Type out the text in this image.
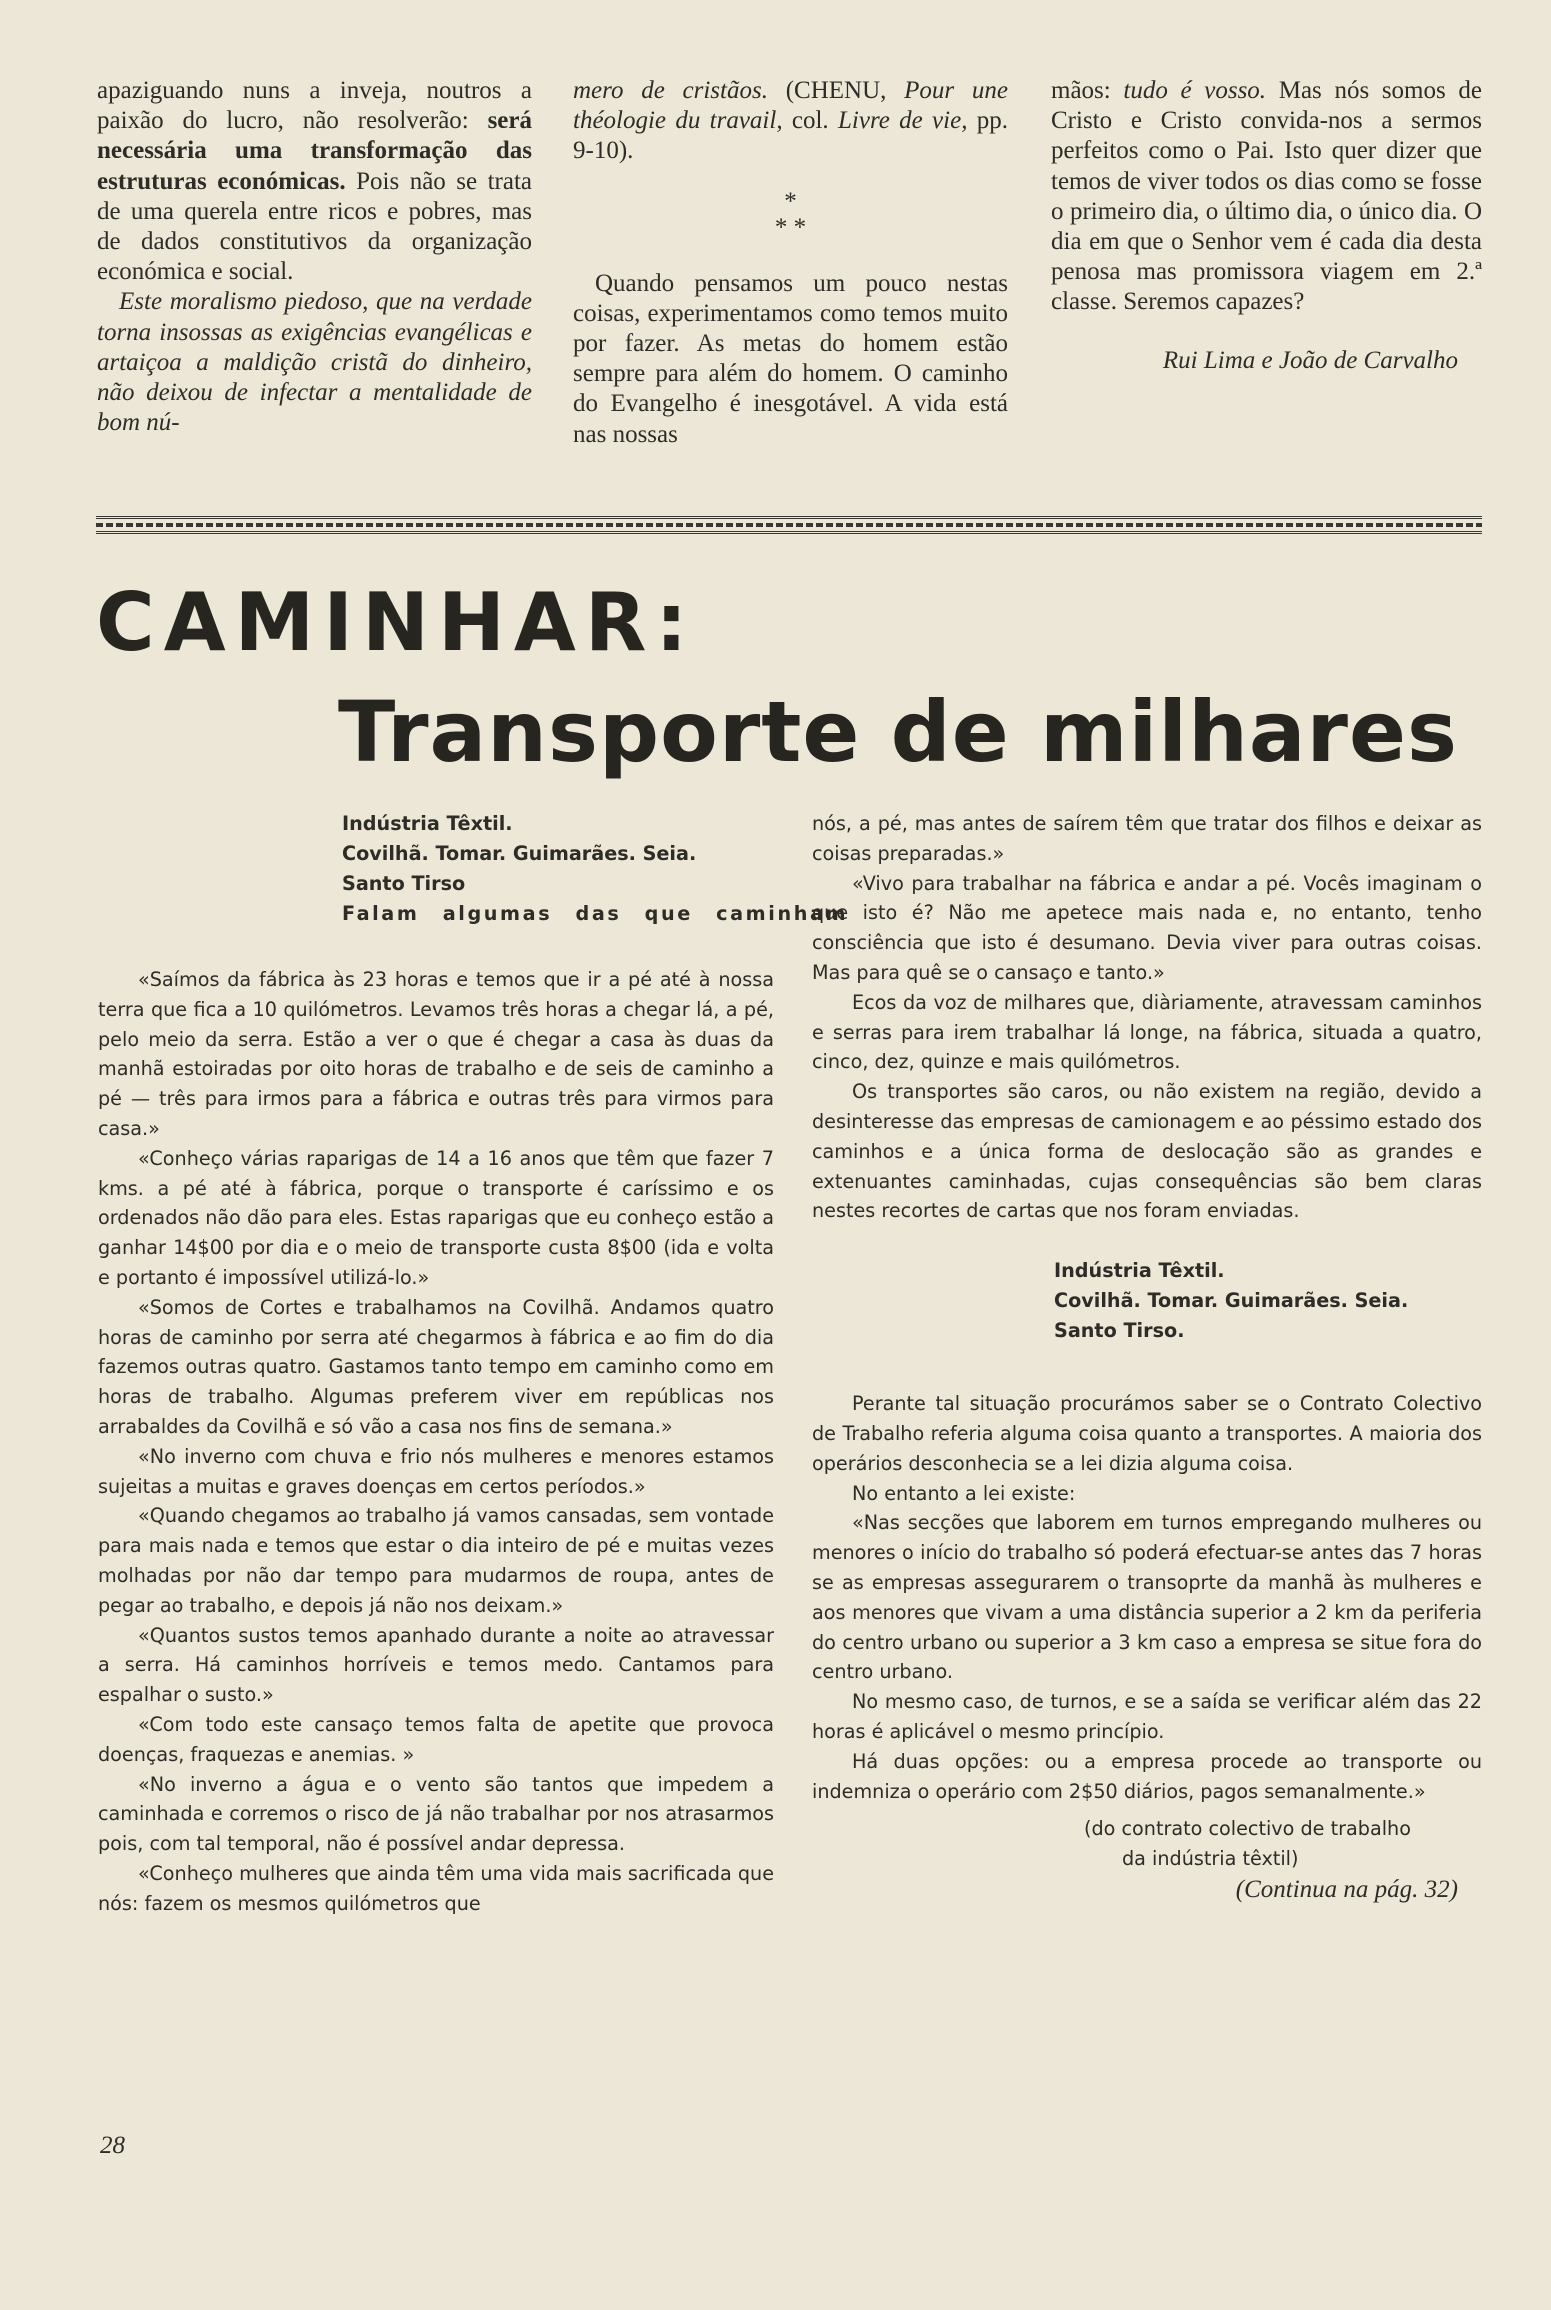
apaziguando nuns a inveja, noutros a paixão do lucro, não resolverão: será necessária uma transformação das estruturas económicas. Pois não se trata de uma querela entre ricos e pobres, mas de dados constitutivos da organização económica e social.

Este moralismo piedoso, que na verdade torna insossas as exigências evangélicas e artaiçoa a maldição cristã do dinheiro, não deixou de infectar a mentalidade de bom nú-

mero de cristãos. (CHENU, Pour une théologie du travail, col. Livre de vie, pp. 9-10).

*
* *

Quando pensamos um pouco nestas coisas, experimentamos como temos muito por fazer. As metas do homem estão sempre para além do homem. O caminho do Evangelho é inesgotável. A vida está nas nossas

mãos: tudo é vosso. Mas nós somos de Cristo e Cristo convida-nos a sermos perfeitos como o Pai. Isto quer dizer que temos de viver todos os dias como se fosse o primeiro dia, o último dia, o único dia. O dia em que o Senhor vem é cada dia desta penosa mas promissora viagem em 2.ª classe. Seremos capazes?

Rui Lima e João de Carvalho

CAMINHAR:
Transporte de milhares
Indústria Têxtil.
Covilhã. Tomar. Guimarães. Seia.
Santo Tirso
Falam algumas das que caminham

«Saímos da fábrica às 23 horas e temos que ir a pé até à nossa terra que fica a 10 quilómetros. Levamos três horas a chegar lá, a pé, pelo meio da serra. Estão a ver o que é chegar a casa às duas da manhã estoiradas por oito horas de trabalho e de seis de caminho a pé — três para irmos para a fábrica e outras três para virmos para casa.»

«Conheço várias raparigas de 14 a 16 anos que têm que fazer 7 kms. a pé até à fábrica, porque o transporte é caríssimo e os ordenados não dão para eles. Estas raparigas que eu conheço estão a ganhar 14$00 por dia e o meio de transporte custa 8$00 (ida e volta e portanto é impossível utilizá-lo.»

«Somos de Cortes e trabalhamos na Covilhã. Andamos quatro horas de caminho por serra até chegarmos à fábrica e ao fim do dia fazemos outras quatro. Gastamos tanto tempo em caminho como em horas de trabalho. Algumas preferem viver em repúblicas nos arrabaldes da Covilhã e só vão a casa nos fins de semana.»

«No inverno com chuva e frio nós mulheres e menores estamos sujeitas a muitas e graves doenças em certos períodos.»

«Quando chegamos ao trabalho já vamos cansadas, sem vontade para mais nada e temos que estar o dia inteiro de pé e muitas vezes molhadas por não dar tempo para mudarmos de roupa, antes de pegar ao trabalho, e depois já não nos deixam.»

«Quantos sustos temos apanhado durante a noite ao atravessar a serra. Há caminhos horríveis e temos medo. Cantamos para espalhar o susto.»

«Com todo este cansaço temos falta de apetite que provoca doenças, fraquezas e anemias. »

«No inverno a água e o vento são tantos que impedem a caminhada e corremos o risco de já não trabalhar por nos atrasarmos pois, com tal temporal, não é possível andar depressa.

«Conheço mulheres que ainda têm uma vida mais sacrificada que nós: fazem os mesmos quilómetros que

nós, a pé, mas antes de saírem têm que tratar dos filhos e deixar as coisas preparadas.»

«Vivo para trabalhar na fábrica e andar a pé. Vocês imaginam o que isto é? Não me apetece mais nada e, no entanto, tenho consciência que isto é desumano. Devia viver para outras coisas. Mas para quê se o cansaço e tanto.»

Ecos da voz de milhares que, diàriamente, atravessam caminhos e serras para irem trabalhar lá longe, na fábrica, situada a quatro, cinco, dez, quinze e mais quilómetros.

Os transportes são caros, ou não existem na região, devido a desinteresse das empresas de camionagem e ao péssimo estado dos caminhos e a única forma de deslocação são as grandes e extenuantes caminhadas, cujas consequências são bem claras nestes recortes de cartas que nos foram enviadas.

Indústria Têxtil.
Covilhã. Tomar. Guimarães. Seia.
Santo Tirso.

Perante tal situação procurámos saber se o Contrato Colectivo de Trabalho referia alguma coisa quanto a transportes. A maioria dos operários desconhecia se a lei dizia alguma coisa.

No entanto a lei existe:

«Nas secções que laborem em turnos empregando mulheres ou menores o início do trabalho só poderá efectuar-se antes das 7 horas se as empresas assegurarem o transoprte da manhã às mulheres e aos menores que vivam a uma distância superior a 2 km da periferia do centro urbano ou superior a 3 km caso a empresa se situe fora do centro urbano.

No mesmo caso, de turnos, e se a saída se verificar além das 22 horas é aplicável o mesmo princípio.

Há duas opções: ou a empresa procede ao transporte ou indemniza o operário com 2$50 diários, pagos semanalmente.»

(do contrato colectivo de trabalho
da indústria têxtil)

(Continua na pág. 32)

28
